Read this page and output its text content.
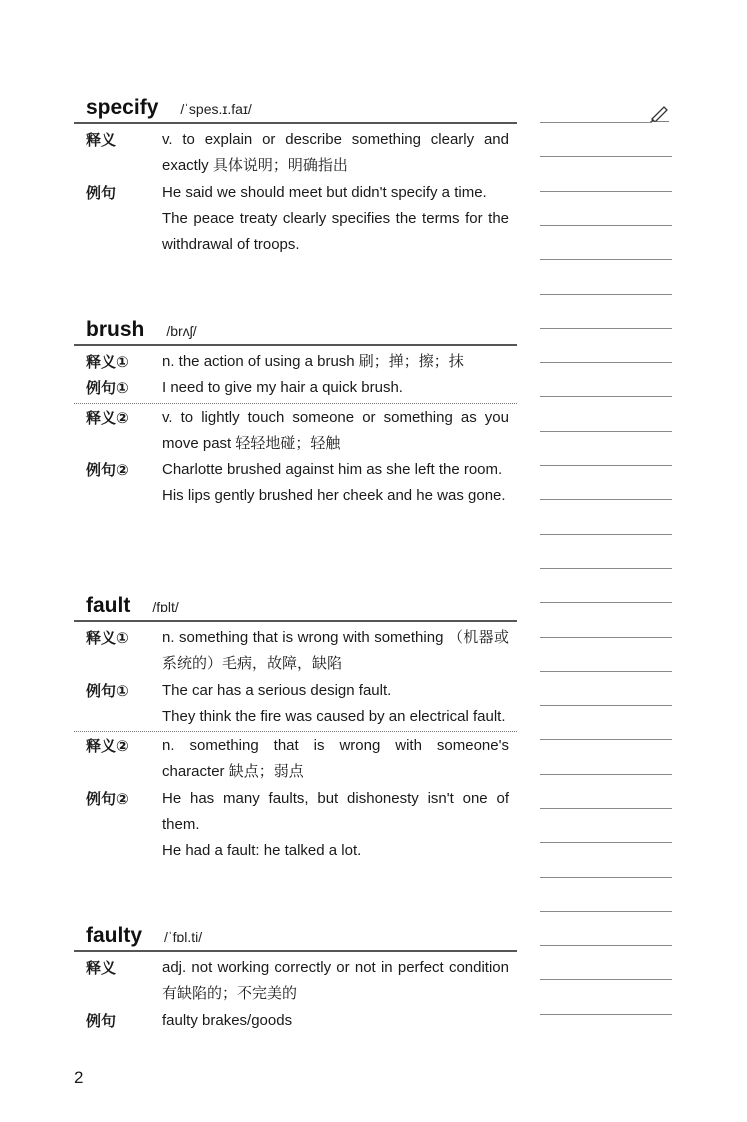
specify /ˈspes.ɪ.faɪ/
释义	v. to explain or describe something clearly and exactly 具体说明；明确指出
例句	He said we should meet but didn't specify a time.
The peace treaty clearly specifies the terms for the withdrawal of troops.
brush /brʌʃ/
释义①	n. the action of using a brush 刷；掸；擦；抹
例句①	I need to give my hair a quick brush.
释义②	v. to lightly touch someone or something as you move past 轻轻地碰；轻触
例句②	Charlotte brushed against him as she left the room.
His lips gently brushed her cheek and he was gone.
fault /fɒlt/
释义①	n. something that is wrong with something （机器或系统的）毛病，故障，缺陷
例句①	The car has a serious design fault.
They think the fire was caused by an electrical fault.
释义②	n. something that is wrong with someone's character 缺点；弱点
例句②	He has many faults, but dishonesty isn't one of them.
He had a fault: he talked a lot.
faulty /ˈfɒl.ti/
释义	adj. not working correctly or not in perfect condition 有缺陷的；不完美的
例句	faulty brakes/goods
2
